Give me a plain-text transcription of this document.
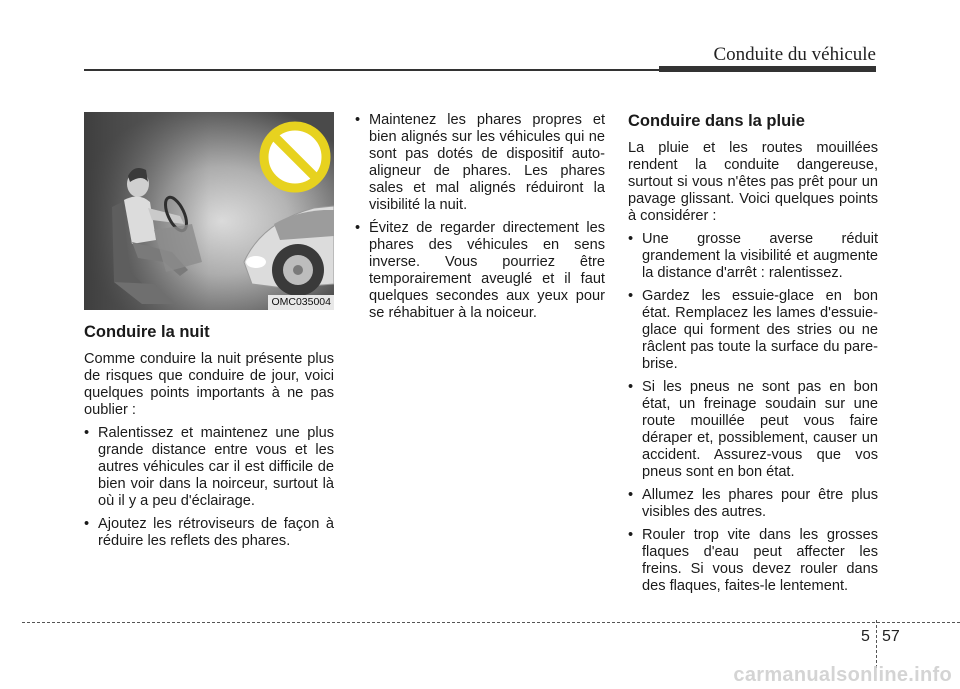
Conduite du véhicule
OMC035004
Conduire la nuit

Comme conduire la nuit présente plus de risques que conduire de jour, voici quelques points importants à ne pas oublier :

• Ralentissez et maintenez une plus grande distance entre vous et les autres véhicules car il est difficile de bien voir dans la noirceur, surtout là où il y a peu d'éclairage.
• Ajoutez les rétroviseurs de façon à réduire les reflets des phares.
• Maintenez les phares propres et bien alignés sur les véhicules qui ne sont pas dotés de dispositif auto-aligneur de phares. Les phares sales et mal alignés réduiront la visibilité la nuit.
• Évitez de regarder directement les phares des véhicules en sens inverse. Vous pourriez être temporairement aveuglé et il faut quelques secondes aux yeux pour se réhabituer à la noiceur.
Conduire dans la pluie

La pluie et les routes mouillées rendent la conduite dangereuse, surtout si vous n'êtes pas prêt pour un pavage glissant. Voici quelques points à considérer :

• Une grosse averse réduit grandement la visibilité et augmente la distance d'arrêt : ralentissez.
• Gardez les essuie-glace en bon état. Remplacez les lames d'essuie-glace qui forment des stries ou ne râclent pas toute la surface du pare-brise.
• Si les pneus ne sont pas en bon état, un freinage soudain sur une route mouillée peut vous faire déraper et, possiblement, causer un accident. Assurez-vous que vos pneus sont en bon état.
• Allumez les phares pour être plus visibles des autres.
• Rouler trop vite dans les grosses flaques d'eau peut affecter les freins. Si vous devez rouler dans des flaques, faites-le lentement.
5 57
carmanualsonline.info
